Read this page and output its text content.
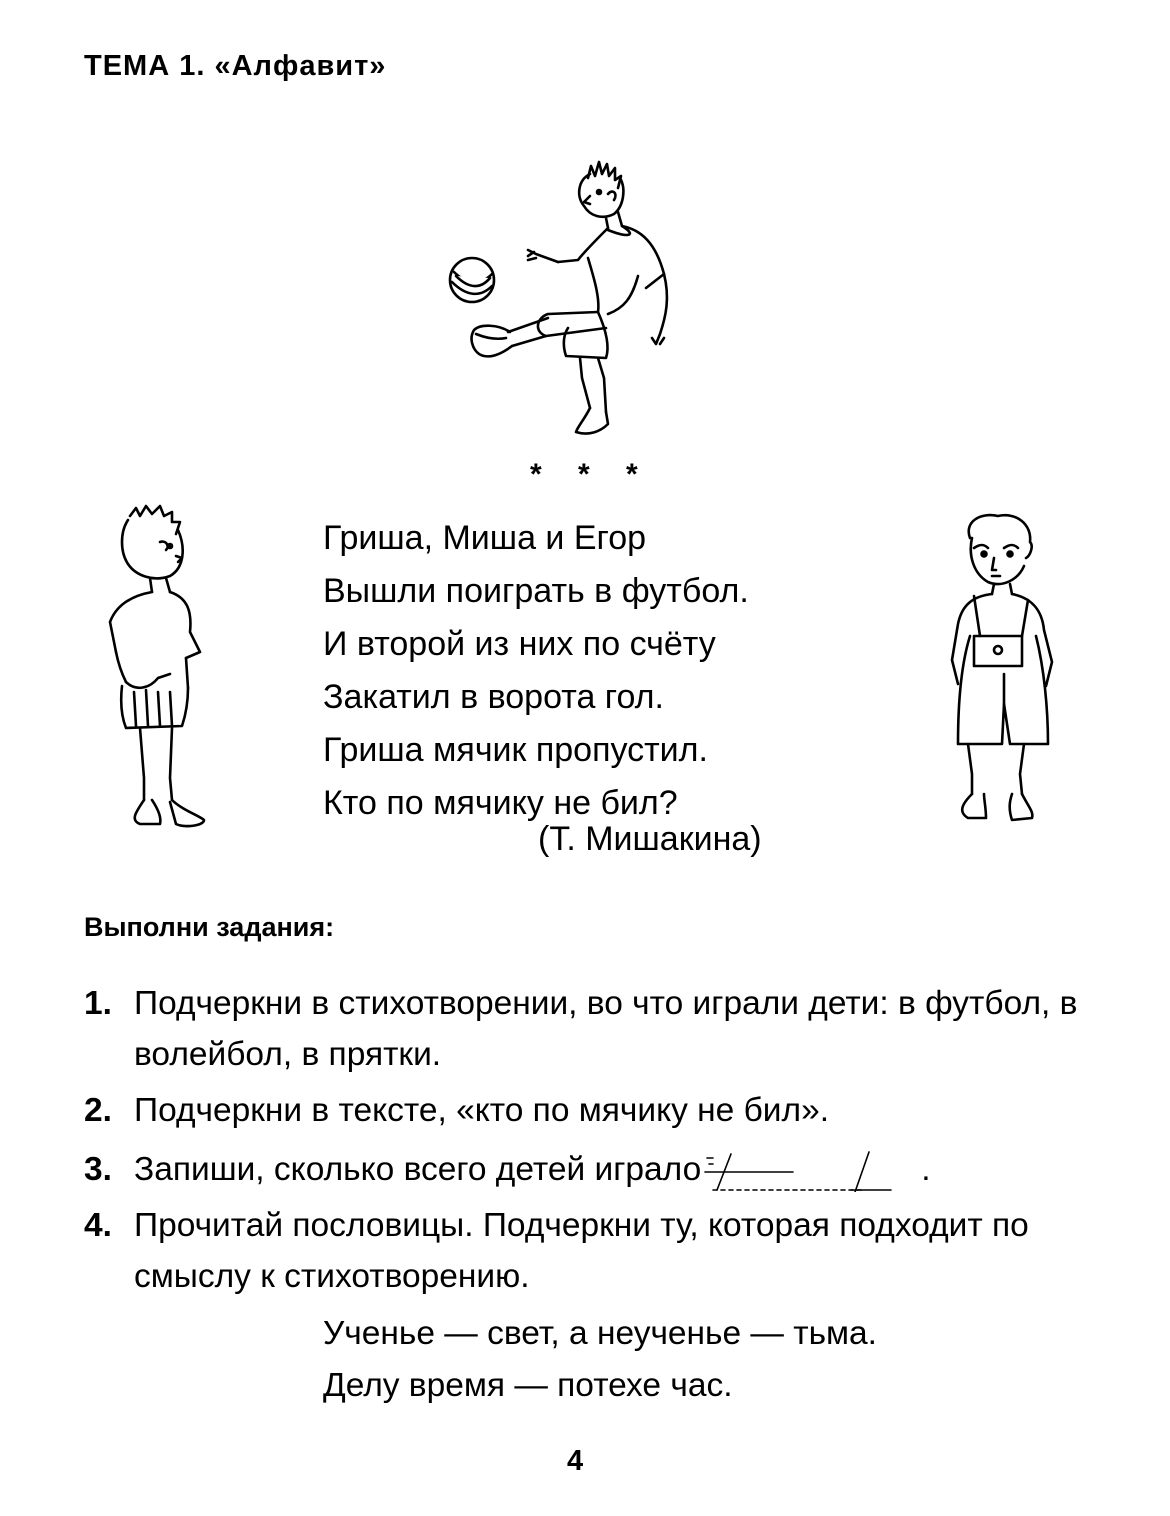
ТЕМА 1. «Алфавит»
* * *
Гриша, Миша и Егор
Вышли поиграть в футбол.
И второй из них по счёту
Закатил в ворота гол.
Гриша мячик пропустил.
Кто по мячику не бил?
(Т. Мишакина)
Выполни задания:
1. Подчеркни в стихотворении, во что играли дети: в футбол, в волейбол, в прятки.
2. Подчеркни в тексте, «кто по мячику не бил».
3. Запиши, сколько всего детей играло	.
4. Прочитай пословицы. Подчеркни ту, которая подходит по смыслу к стихотворению.
Ученье — свет, а неученье — тьма.
Делу время — потехе час.
4
